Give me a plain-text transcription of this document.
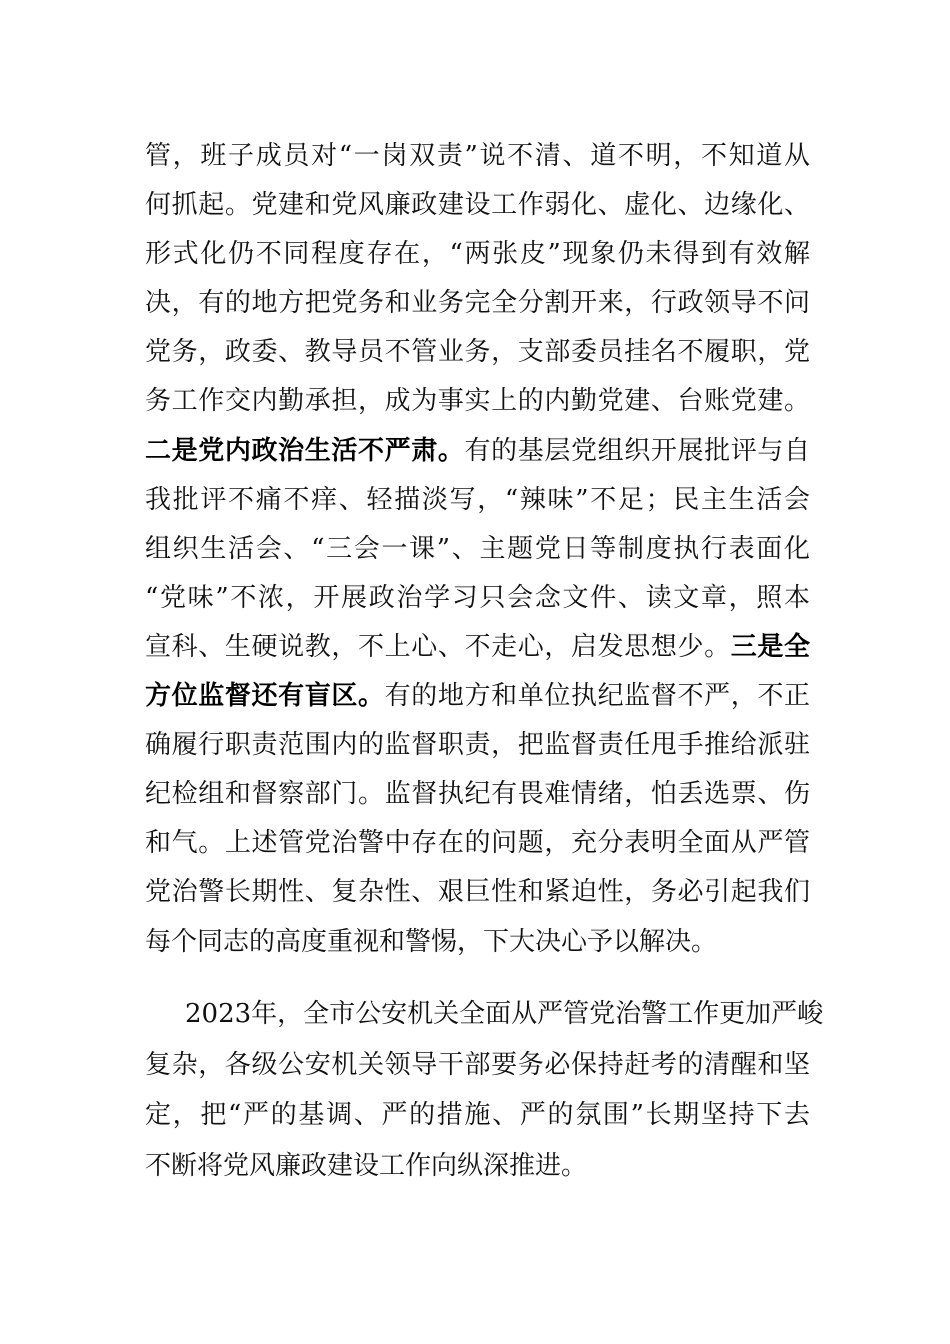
管，班子成员对“一岗双责”说不清、道不明，不知道从
何抓起。党建和党风廉政建设工作弱化、虚化、边缘化、
形式化仍不同程度存在，“两张皮”现象仍未得到有效解
决，有的地方把党务和业务完全分割开来，行政领导不问
党务，政委、教导员不管业务，支部委员挂名不履职，党
务工作交内勤承担，成为事实上的内勤党建、台账党建。
二是党内政治生活不严肃。有的基层党组织开展批评与自
我批评不痛不痒、轻描淡写，“辣味”不足；民主生活会
组织生活会、“三会一课”、主题党日等制度执行表面化
“党味”不浓，开展政治学习只会念文件、读文章，照本
宣科、生硬说教，不上心、不走心，启发思想少。三是全
方位监督还有盲区。有的地方和单位执纪监督不严，不正
确履行职责范围内的监督职责，把监督责任甩手推给派驻
纪检组和督察部门。监督执纪有畏难情绪，怕丢选票、伤
和气。上述管党治警中存在的问题，充分表明全面从严管
党治警长期性、复杂性、艰巨性和紧迫性，务必引起我们
每个同志的高度重视和警惕，下大决心予以解决。
2023年，全市公安机关全面从严管党治警工作更加严峻
复杂，各级公安机关领导干部要务必保持赶考的清醒和坚
定，把“严的基调、严的措施、严的氛围”长期坚持下去
不断将党风廉政建设工作向纵深推进。
